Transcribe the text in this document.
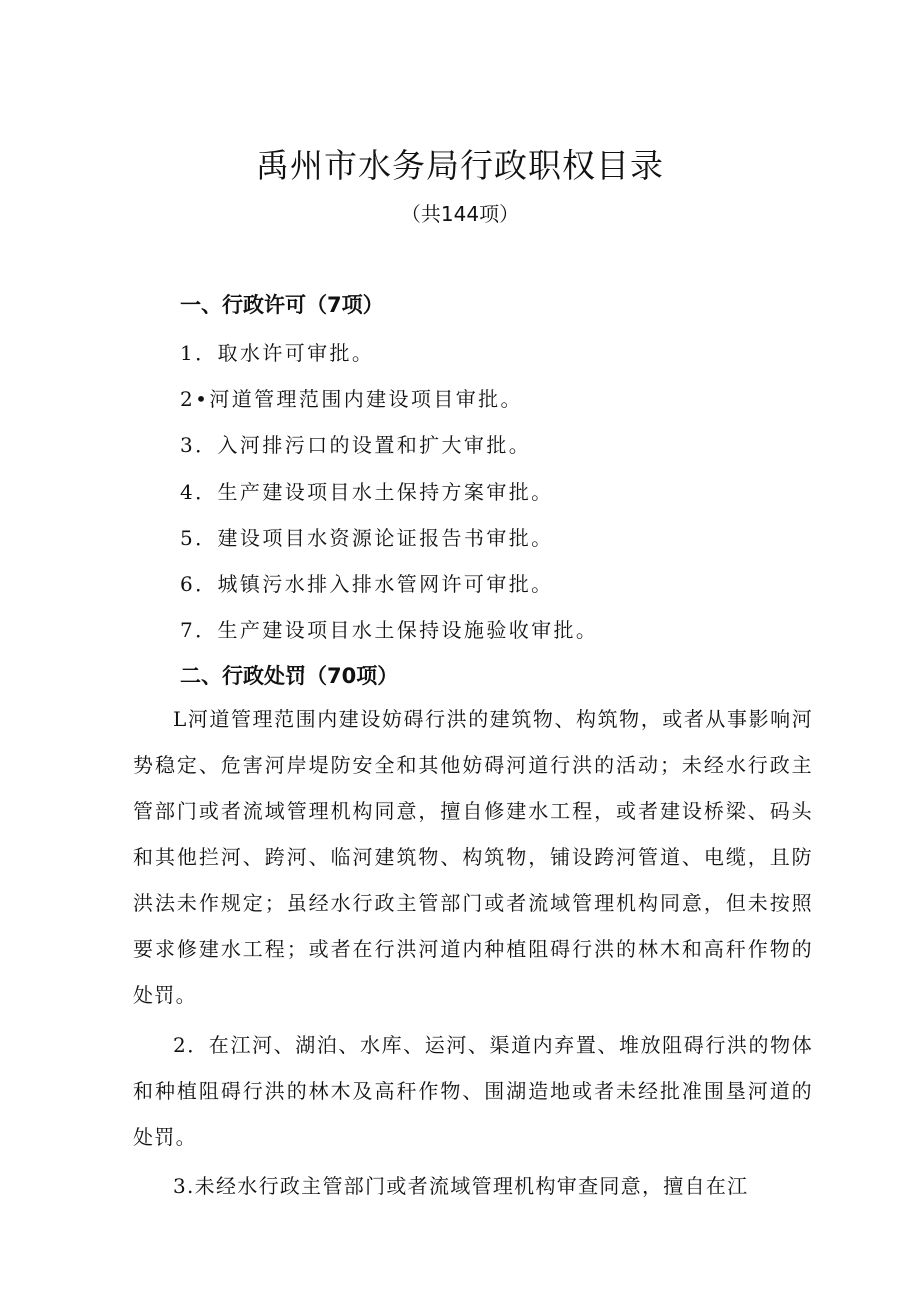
禹州市水务局行政职权目录

（共144项）

一、行政许可（7项）

1．取水许可审批。

2•河道管理范围内建设项目审批。

3．入河排污口的设置和扩大审批。

4．生产建设项目水土保持方案审批。

5．建设项目水资源论证报告书审批。

6．城镇污水排入排水管网许可审批。

7．生产建设项目水土保持设施验收审批。

二、行政处罚（70项）

L河道管理范围内建设妨碍行洪的建筑物、构筑物，或者从事影响河势稳定、危害河岸堤防安全和其他妨碍河道行洪的活动；未经水行政主管部门或者流域管理机构同意，擅自修建水工程，或者建设桥梁、码头和其他拦河、跨河、临河建筑物、构筑物，铺设跨河管道、电缆，且防洪法未作规定；虽经水行政主管部门或者流域管理机构同意，但未按照要求修建水工程；或者在行洪河道内种植阻碍行洪的林木和高秆作物的处罚。

2．在江河、湖泊、水库、运河、渠道内弃置、堆放阻碍行洪的物体和种植阻碍行洪的林木及高秆作物、围湖造地或者未经批准围垦河道的处罚。

3.未经水行政主管部门或者流域管理机构审查同意，擅自在江
